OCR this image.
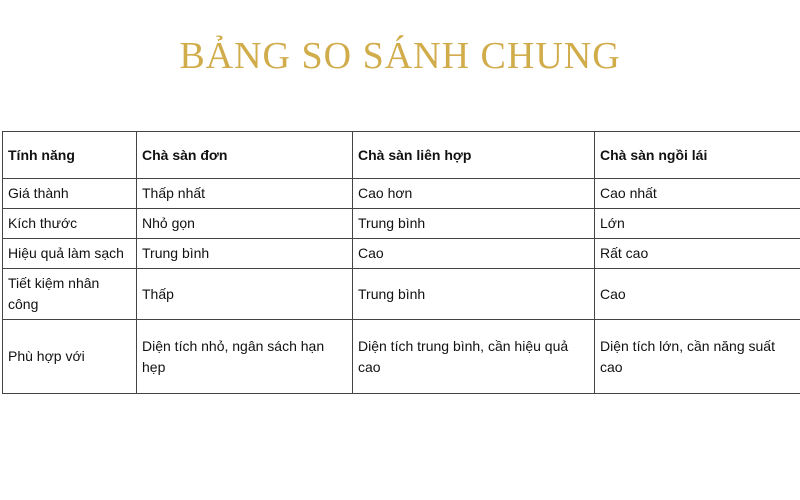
BẢNG SO SÁNH CHUNG
Tính năng	Chà sàn đơn	Chà sàn liên hợp	Chà sàn ngồi lái
Giá thành	Thấp nhất	Cao hơn	Cao nhất
Kích thước	Nhỏ gọn	Trung bình	Lớn
Hiệu quả làm sạch	Trung bình	Cao	Rất cao
Tiết kiệm nhân công	Thấp	Trung bình	Cao
Phù hợp với	Diện tích nhỏ, ngân sách hạn hẹp	Diện tích trung bình, cần hiệu quả cao	Diện tích lớn, cần năng suất cao
